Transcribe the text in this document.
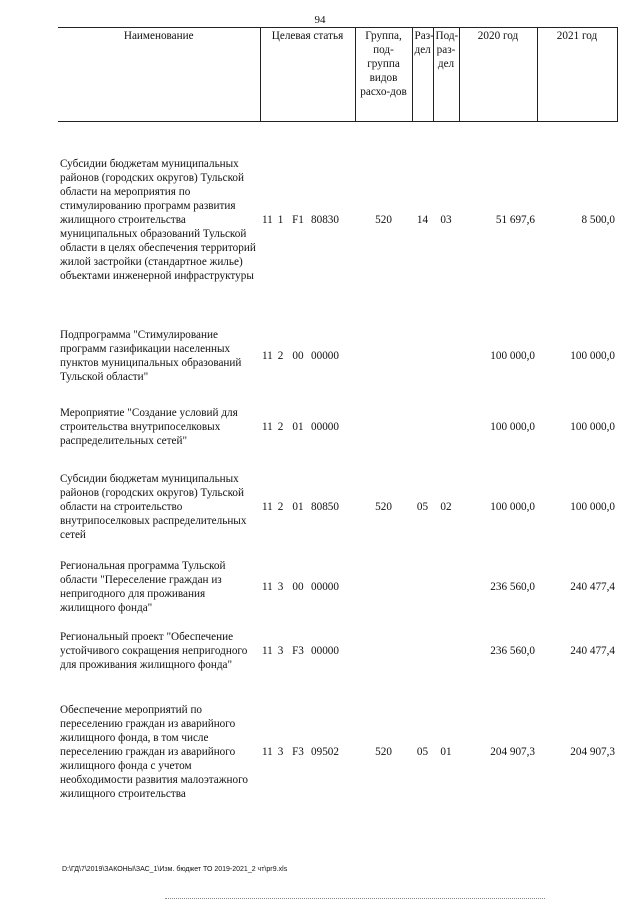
94
Наименование	Целевая статья				Группа, под-группа видов расхо-дов	Раз-дел	Под-раз-дел	2020 год	2021 год
Субсидии бюджетам муниципальных районов (городских округов) Тульской области на мероприятия по стимулированию программ развития жилищного строительства муниципальных образований Тульской области в целях обеспечения территорий жилой застройки (стандартное жилье) объектами инженерной инфраструктуры	11	1	F1	80830	520	14	03	51 697,6	8 500,0
Подпрограмма "Стимулирование программ газификации населенных пунктов муниципальных образований Тульской области"	11	2	00	00000				100 000,0	100 000,0
Мероприятие "Создание условий для строительства внутрипоселковых распределительных сетей"	11	2	01	00000				100 000,0	100 000,0
Субсидии бюджетам муниципальных районов (городских округов) Тульской области на строительство внутрипоселковых распределительных сетей	11	2	01	80850	520	05	02	100 000,0	100 000,0
Региональная программа Тульской области "Переселение граждан из непригодного для проживания жилищного фонда"	11	3	00	00000				236 560,0	240 477,4
Региональный проект "Обеспечение устойчивого сокращения непригодного для проживания жилищного фонда"	11	3	F3	00000				236 560,0	240 477,4
Обеспечение мероприятий по переселению граждан из аварийного жилищного фонда, в том числе переселению граждан из аварийного жилищного фонда с учетом необходимости развития малоэтажного жилищного строительства	11	3	F3	09502	520	05	01	204 907,3	204 907,3
D:\ГД\7\2019\ЗАКОНЫ\ЗАС_1\Изм. бюджет ТО 2019-2021_2 чт\рг9.xls
